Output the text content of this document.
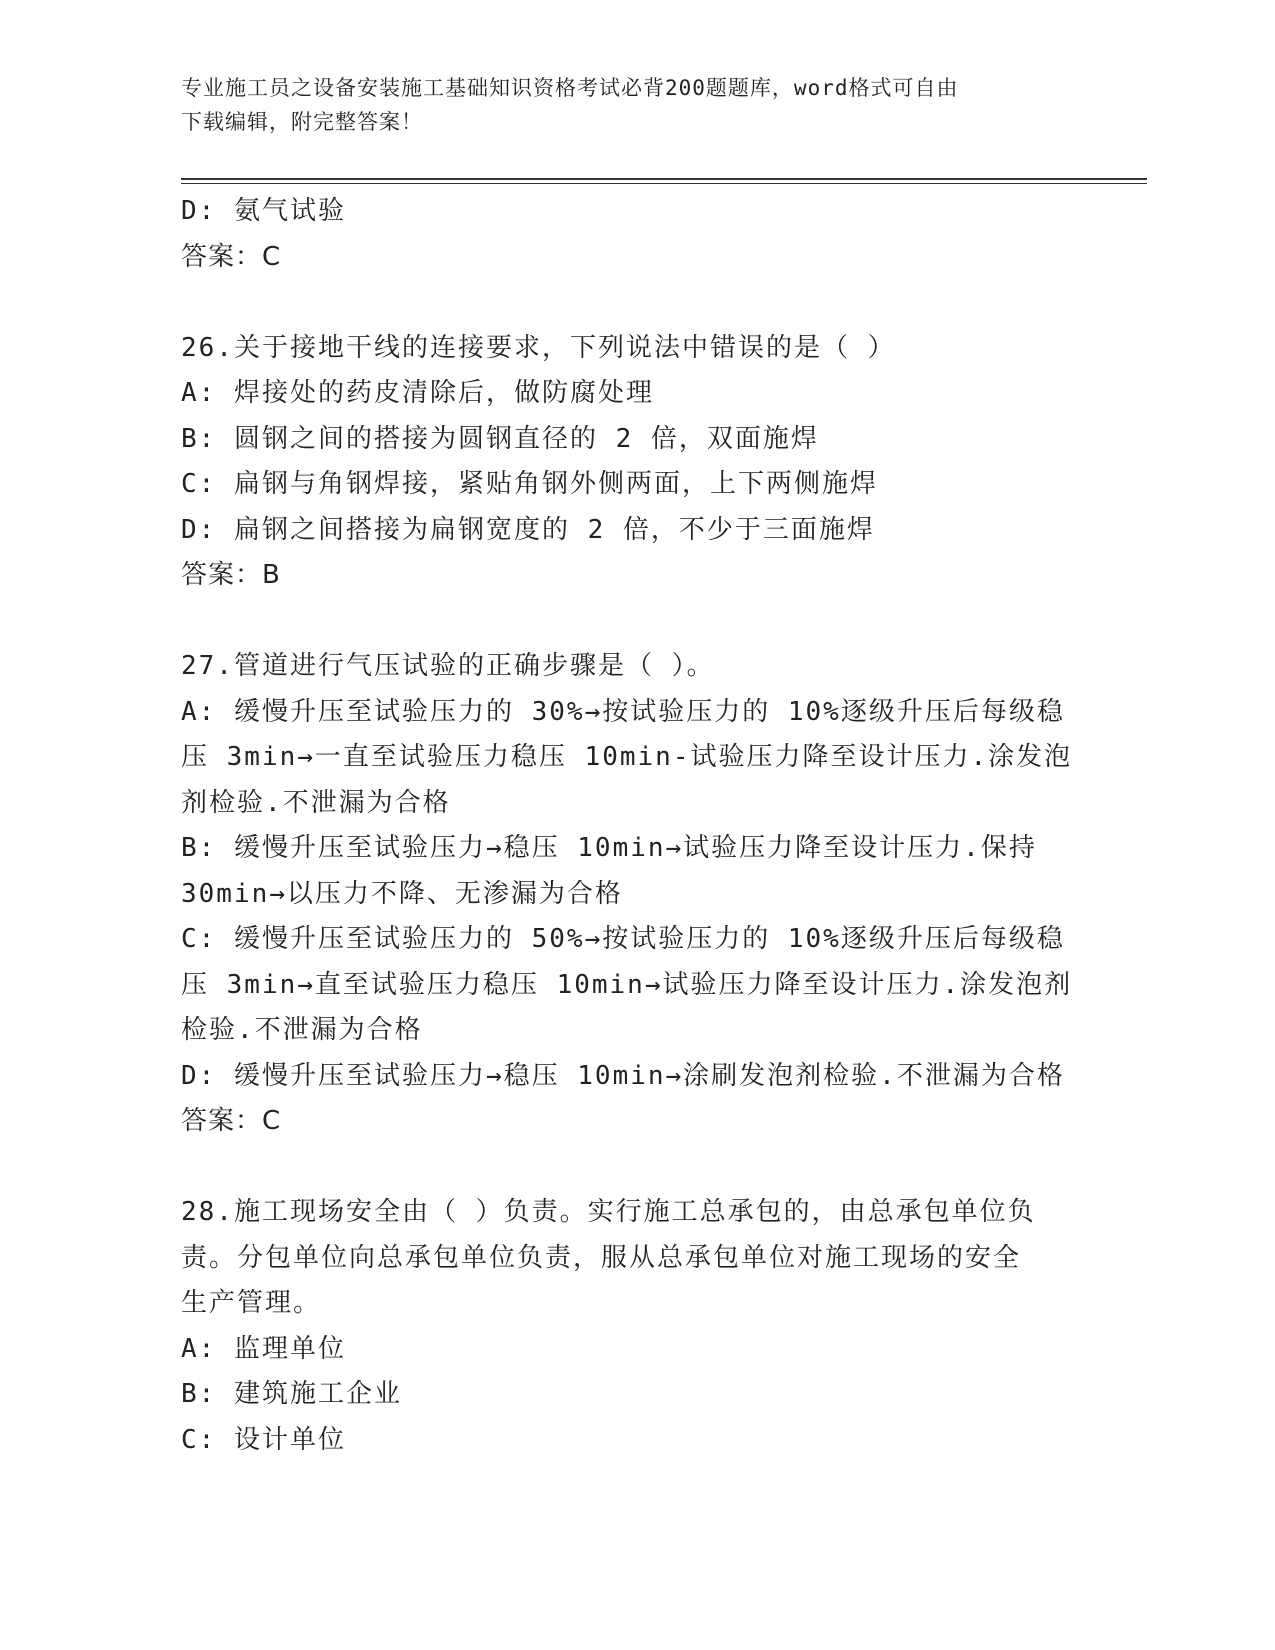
专业施工员之设备安装施工基础知识资格考试必背200题题库，word格式可自由
下载编辑，附完整答案！
D: 氨气试验
答案：C
26.关于接地干线的连接要求，下列说法中错误的是（ ）
A: 焊接处的药皮清除后，做防腐处理
B: 圆钢之间的搭接为圆钢直径的 2 倍，双面施焊
C: 扁钢与角钢焊接，紧贴角钢外侧两面，上下两侧施焊
D: 扁钢之间搭接为扁钢宽度的 2 倍，不少于三面施焊
答案：B
27.管道进行气压试验的正确步骤是（ ）。
A: 缓慢升压至试验压力的 30%→按试验压力的 10%逐级升压后每级稳
压 3min→一直至试验压力稳压 10min-试验压力降至设计压力.涂发泡
剂检验.不泄漏为合格
B: 缓慢升压至试验压力→稳压 10min→试验压力降至设计压力.保持
30min→以压力不降、无渗漏为合格
C: 缓慢升压至试验压力的 50%→按试验压力的 10%逐级升压后每级稳
压 3min→直至试验压力稳压 10min→试验压力降至设计压力.涂发泡剂
检验.不泄漏为合格
D: 缓慢升压至试验压力→稳压 10min→涂刷发泡剂检验.不泄漏为合格
答案：C
28.施工现场安全由（ ）负责。实行施工总承包的，由总承包单位负
责。分包单位向总承包单位负责，服从总承包单位对施工现场的安全
生产管理。
A: 监理单位
B: 建筑施工企业
C: 设计单位
